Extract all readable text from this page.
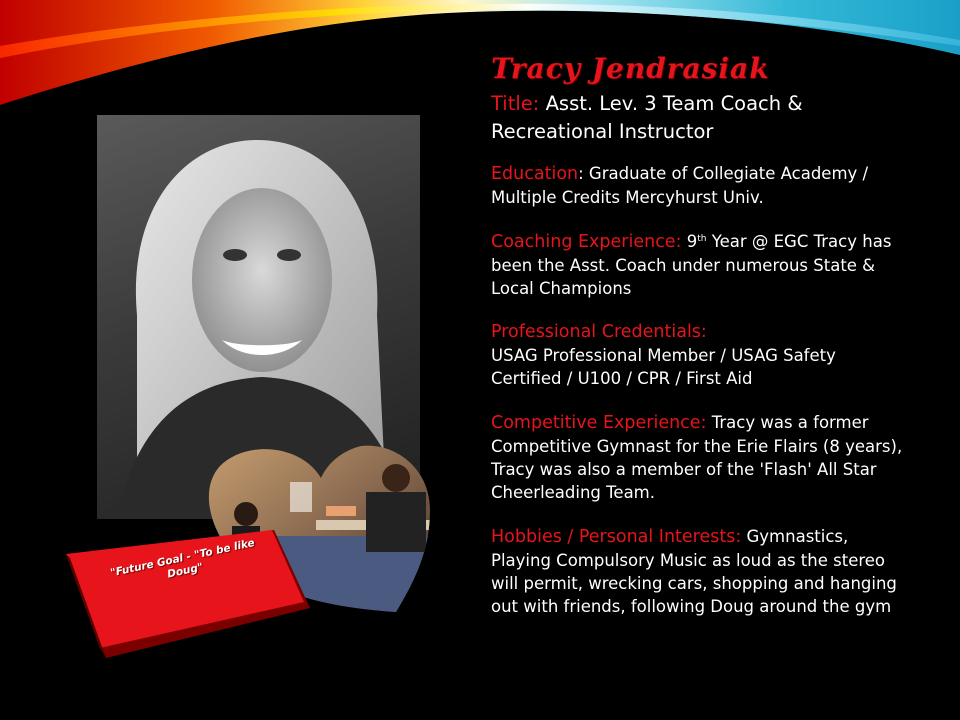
"Future Goal - "To be like Doug"
Tracy Jendrasiak
Title: Asst. Lev. 3 Team Coach & Recreational Instructor
Education: Graduate of Collegiate Academy / Multiple Credits Mercyhurst Univ.
Coaching Experience: 9th Year @ EGC Tracy has been the Asst. Coach under numerous State & Local Champions
Professional Credentials:
USAG Professional Member / USAG Safety Certified / U100 / CPR / First Aid
Competitive Experience: Tracy was a former Competitive Gymnast for the Erie Flairs (8 years), Tracy was also a member of the 'Flash' All Star Cheerleading Team.
Hobbies / Personal Interests: Gymnastics, Playing Compulsory Music as loud as the stereo will permit, wrecking cars, shopping and hanging out with friends, following Doug around the gym
